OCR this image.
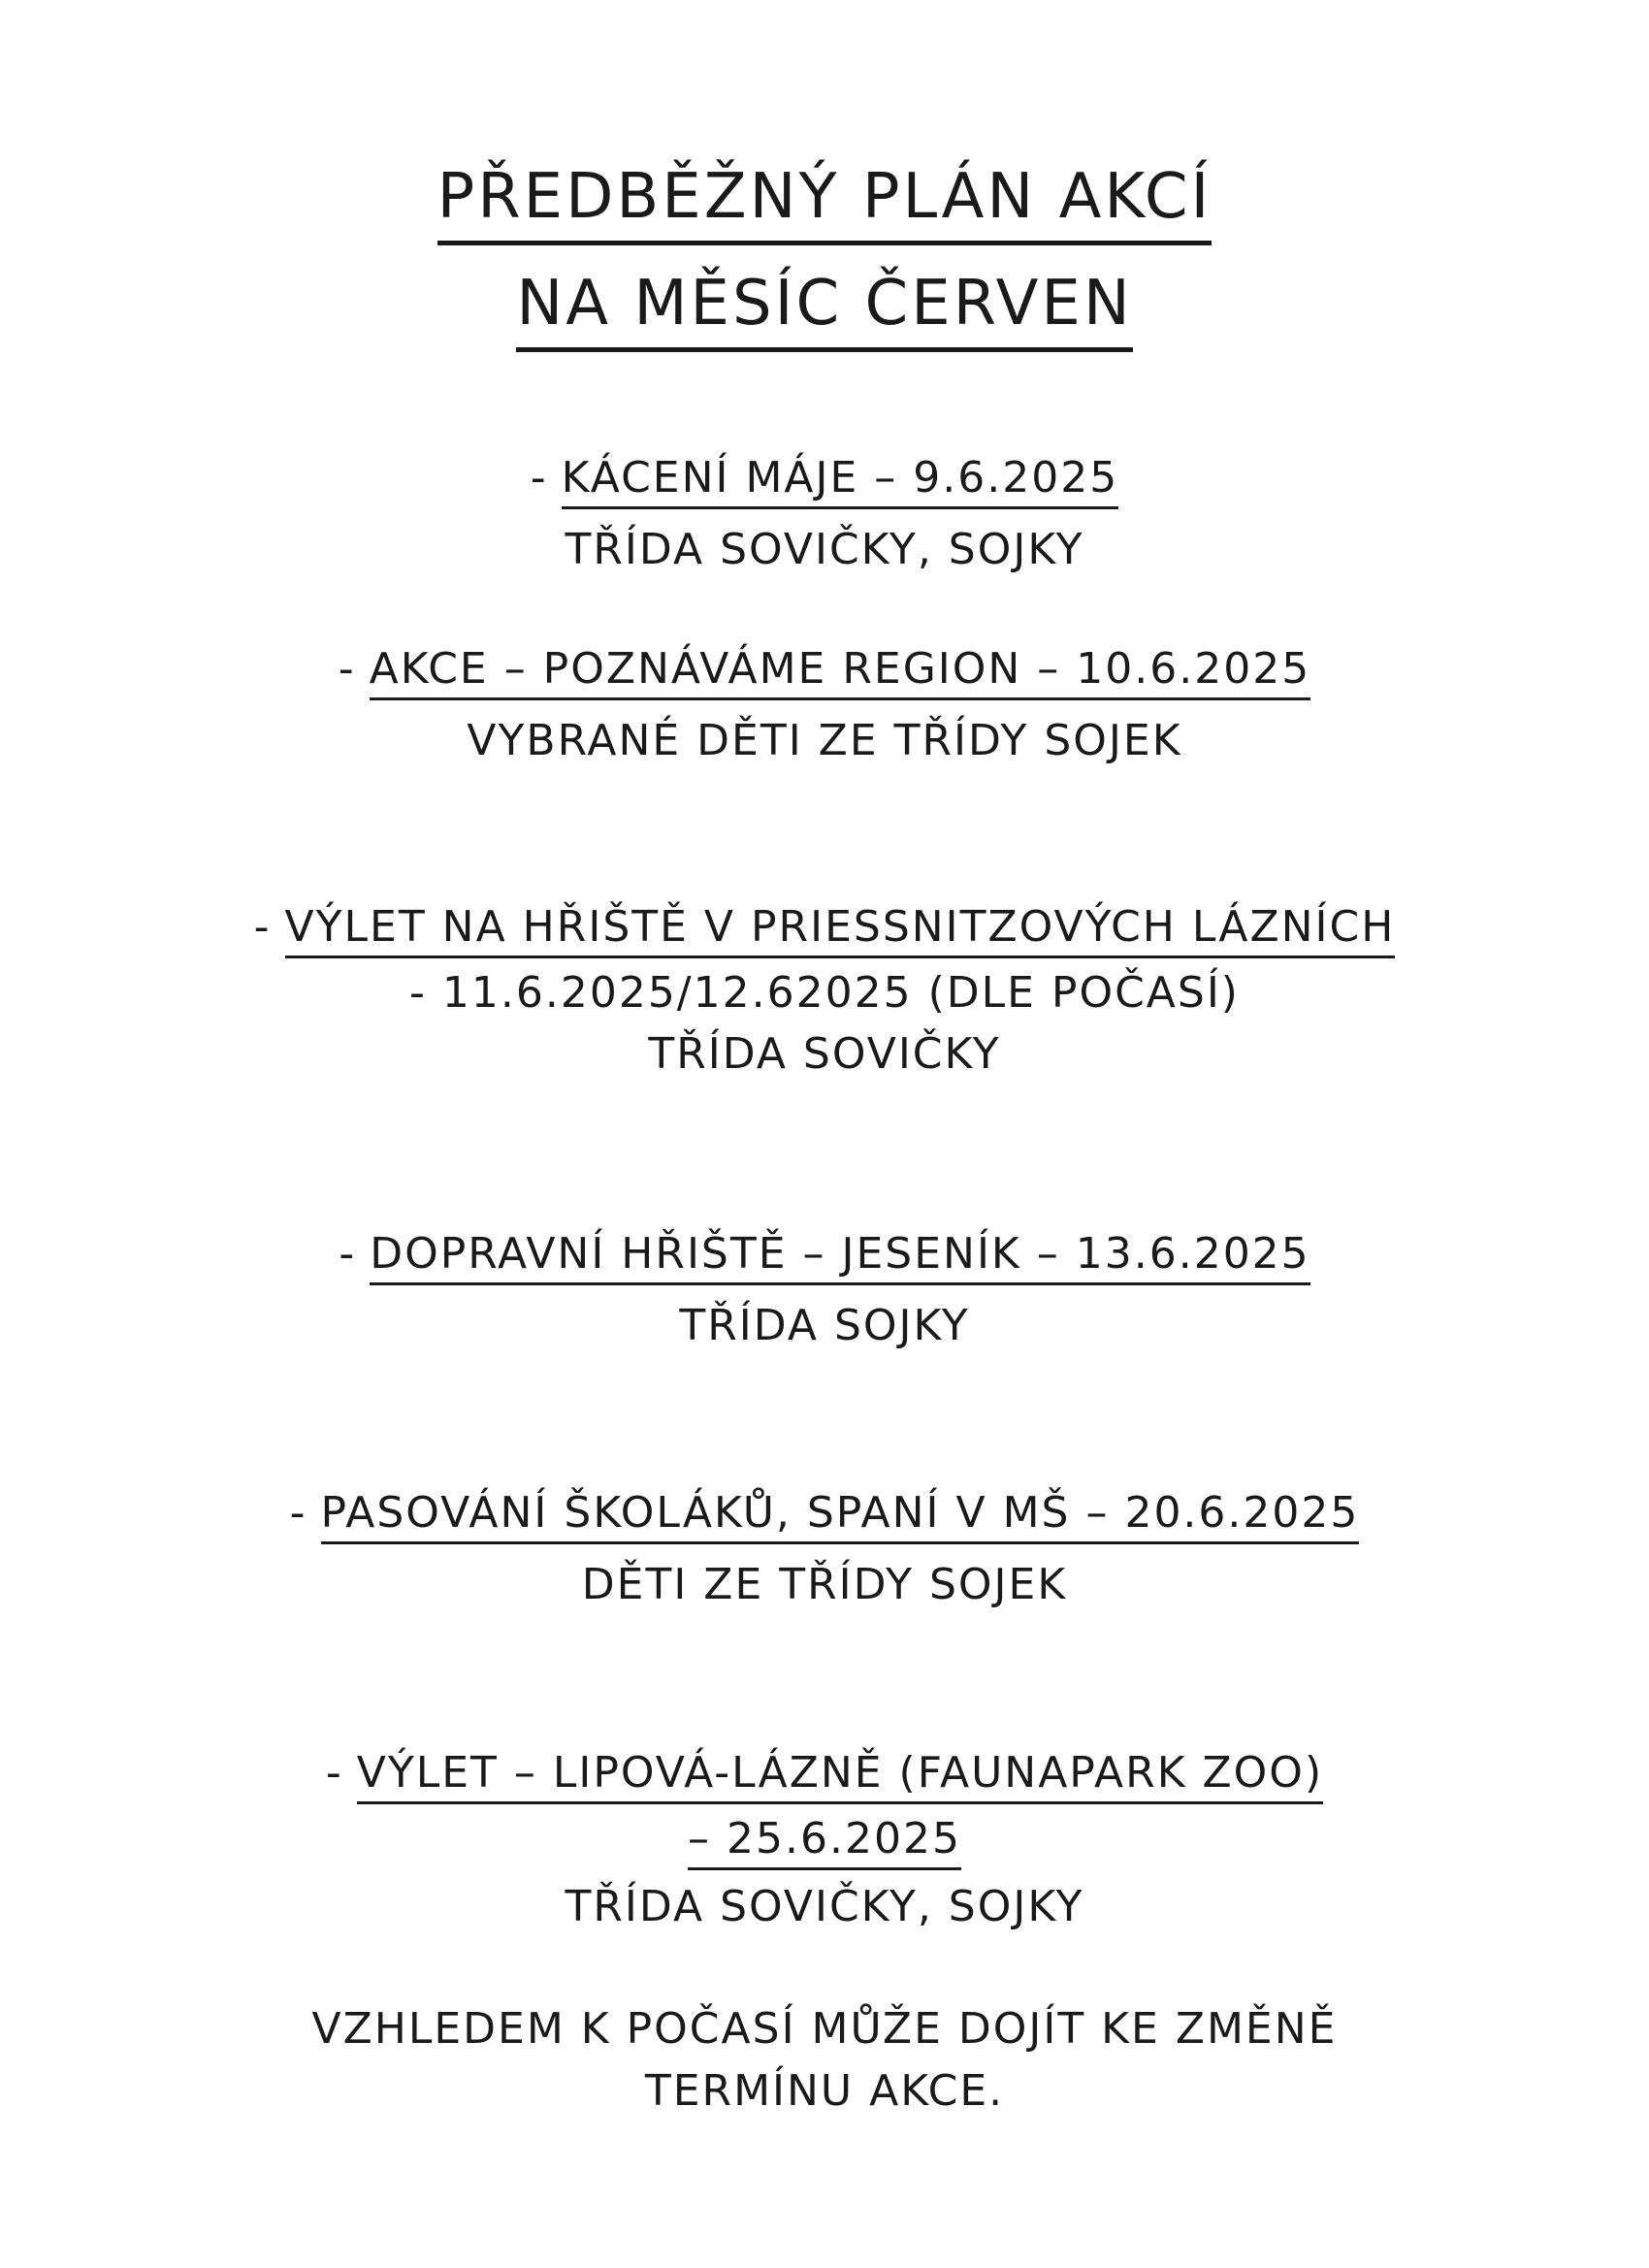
PŘEDBĚŽNÝ PLÁN AKCÍ
NA MĚSÍC ČERVEN
- KÁCENÍ MÁJE – 9.6.2025
TŘÍDA SOVIČKY, SOJKY
- AKCE – POZNÁVÁME REGION – 10.6.2025
VYBRANÉ DĚTI ZE TŘÍDY SOJEK
- VÝLET NA HŘIŠTĚ V PRIESSNITZOVÝCH LÁZNÍCH
- 11.6.2025/12.62025 (DLE POČASÍ)
TŘÍDA SOVIČKY
- DOPRAVNÍ HŘIŠTĚ – JESENÍK – 13.6.2025
TŘÍDA SOJKY
- PASOVÁNÍ ŠKOLÁKŮ, SPANÍ V MŠ – 20.6.2025
DĚTI ZE TŘÍDY SOJEK
- VÝLET – LIPOVÁ-LÁZNĚ (FAUNAPARK ZOO)
– 25.6.2025
TŘÍDA SOVIČKY, SOJKY
VZHLEDEM K POČASÍ MŮŽE DOJÍT KE ZMĚNĚ
TERMÍNU AKCE.
